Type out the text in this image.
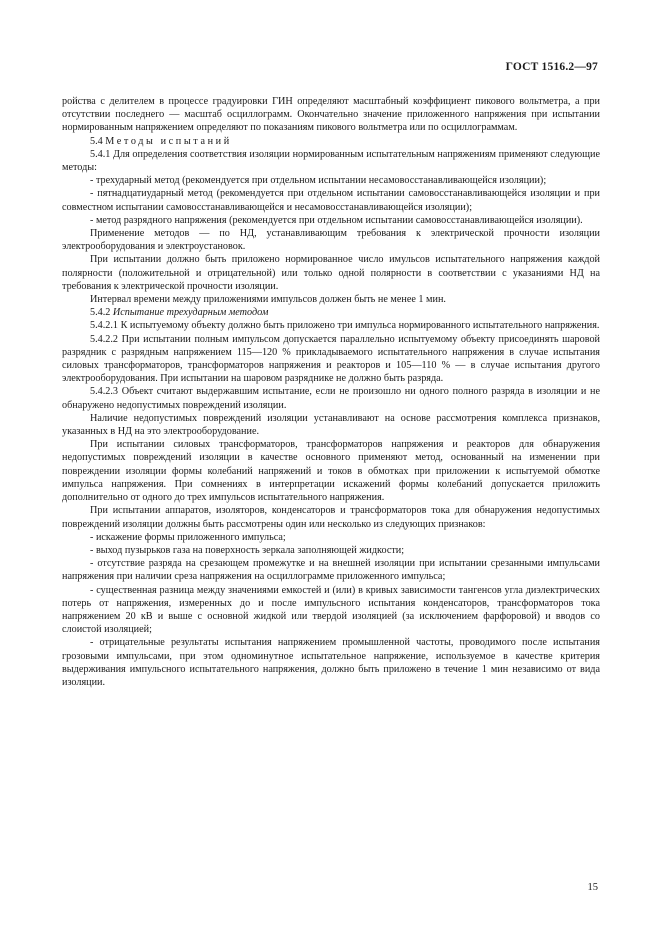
ГОСТ 1516.2—97

ройства с делителем в процессе градуировки ГИН определяют масштабный коэффициент пикового вольтметра, а при отсутствии последнего — масштаб осциллограмм. Окончательно значение приложенного напряжения при испытании нормированным напряжением определяют по показаниям пикового вольтметра или по осциллограммам.

5.4 Методы испытаний

5.4.1 Для определения соответствия изоляции нормированным испытательным напряжениям применяют следующие методы:

- трехударный метод (рекомендуется при отдельном испытании несамовосстанавливающейся изоляции);

- пятнадцатиударный метод (рекомендуется при отдельном испытании самовосстанавливающейся изоляции и при совместном испытании самовосстанавливающейся и несамовосстанавливающейся изоляции);

- метод разрядного напряжения (рекомендуется при отдельном испытании самовосстанавливающейся изоляции).

Применение методов — по НД, устанавливающим требования к электрической прочности изоляции электрооборудования и электроустановок.

При испытании должно быть приложено нормированное число имульсов испытательного напряжения каждой полярности (положительной и отрицательной) или только одной полярности в соответствии с указаниями НД на требования к электрической прочности изоляции.

Интервал времени между приложениями импульсов должен быть не менее 1 мин.

5.4.2 Испытание трехударным методом

5.4.2.1 К испытуемому объекту должно быть приложено три импульса нормированного испытательного напряжения.

5.4.2.2 При испытании полным импульсом допускается параллельно испытуемому объекту присоединять шаровой разрядник с разрядным напряжением 115—120 % прикладываемого испытательного напряжения в случае испытания силовых трансформаторов, трансформаторов напряжения и реакторов и 105—110 % — в случае испытания другого электрооборудования. При испытании на шаровом разряднике не должно быть разряда.

5.4.2.3 Объект считают выдержавшим испытание, если не произошло ни одного полного разряда в изоляции и не обнаружено недопустимых повреждений изоляции.

Наличие недопустимых повреждений изоляции устанавливают на основе рассмотрения комплекса признаков, указанных в НД на это электрооборудование.

При испытании силовых трансформаторов, трансформаторов напряжения и реакторов для обнаружения недопустимых повреждений изоляции в качестве основного применяют метод, основанный на изменении при повреждении изоляции формы колебаний напряжений и токов в обмотках при приложении к испытуемой обмотке импульса напряжения. При сомнениях в интерпретации искажений формы колебаний допускается приложить дополнительно от одного до трех импульсов испытательного напряжения.

При испытании аппаратов, изоляторов, конденсаторов и трансформаторов тока для обнаружения недопустимых повреждений изоляции должны быть рассмотрены один или несколько из следующих признаков:

- искажение формы приложенного импульса;

- выход пузырьков газа на поверхность зеркала заполняющей жидкости;

- отсутствие разряда на срезающем промежутке и на внешней изоляции при испытании срезанными импульсами напряжения при наличии среза напряжения на осциллограмме приложенного импульса;

- существенная разница между значениями емкостей и (или) в кривых зависимости тангенсов угла диэлектрических потерь от напряжения, измеренных до и после импульсного испытания конденсаторов, трансформаторов тока напряжением 20 кВ и выше с основной жидкой или твердой изоляцией (за исключением фарфоровой) и вводов со слоистой изоляцией;

- отрицательные результаты испытания напряжением промышленной частоты, проводимого после испытания грозовыми импульсами, при этом одноминутное испытательное напряжение, используемое в качестве критерия выдерживания импульсного испытательного напряжения, должно быть приложено в течение 1 мин независимо от вида изоляции.

15
